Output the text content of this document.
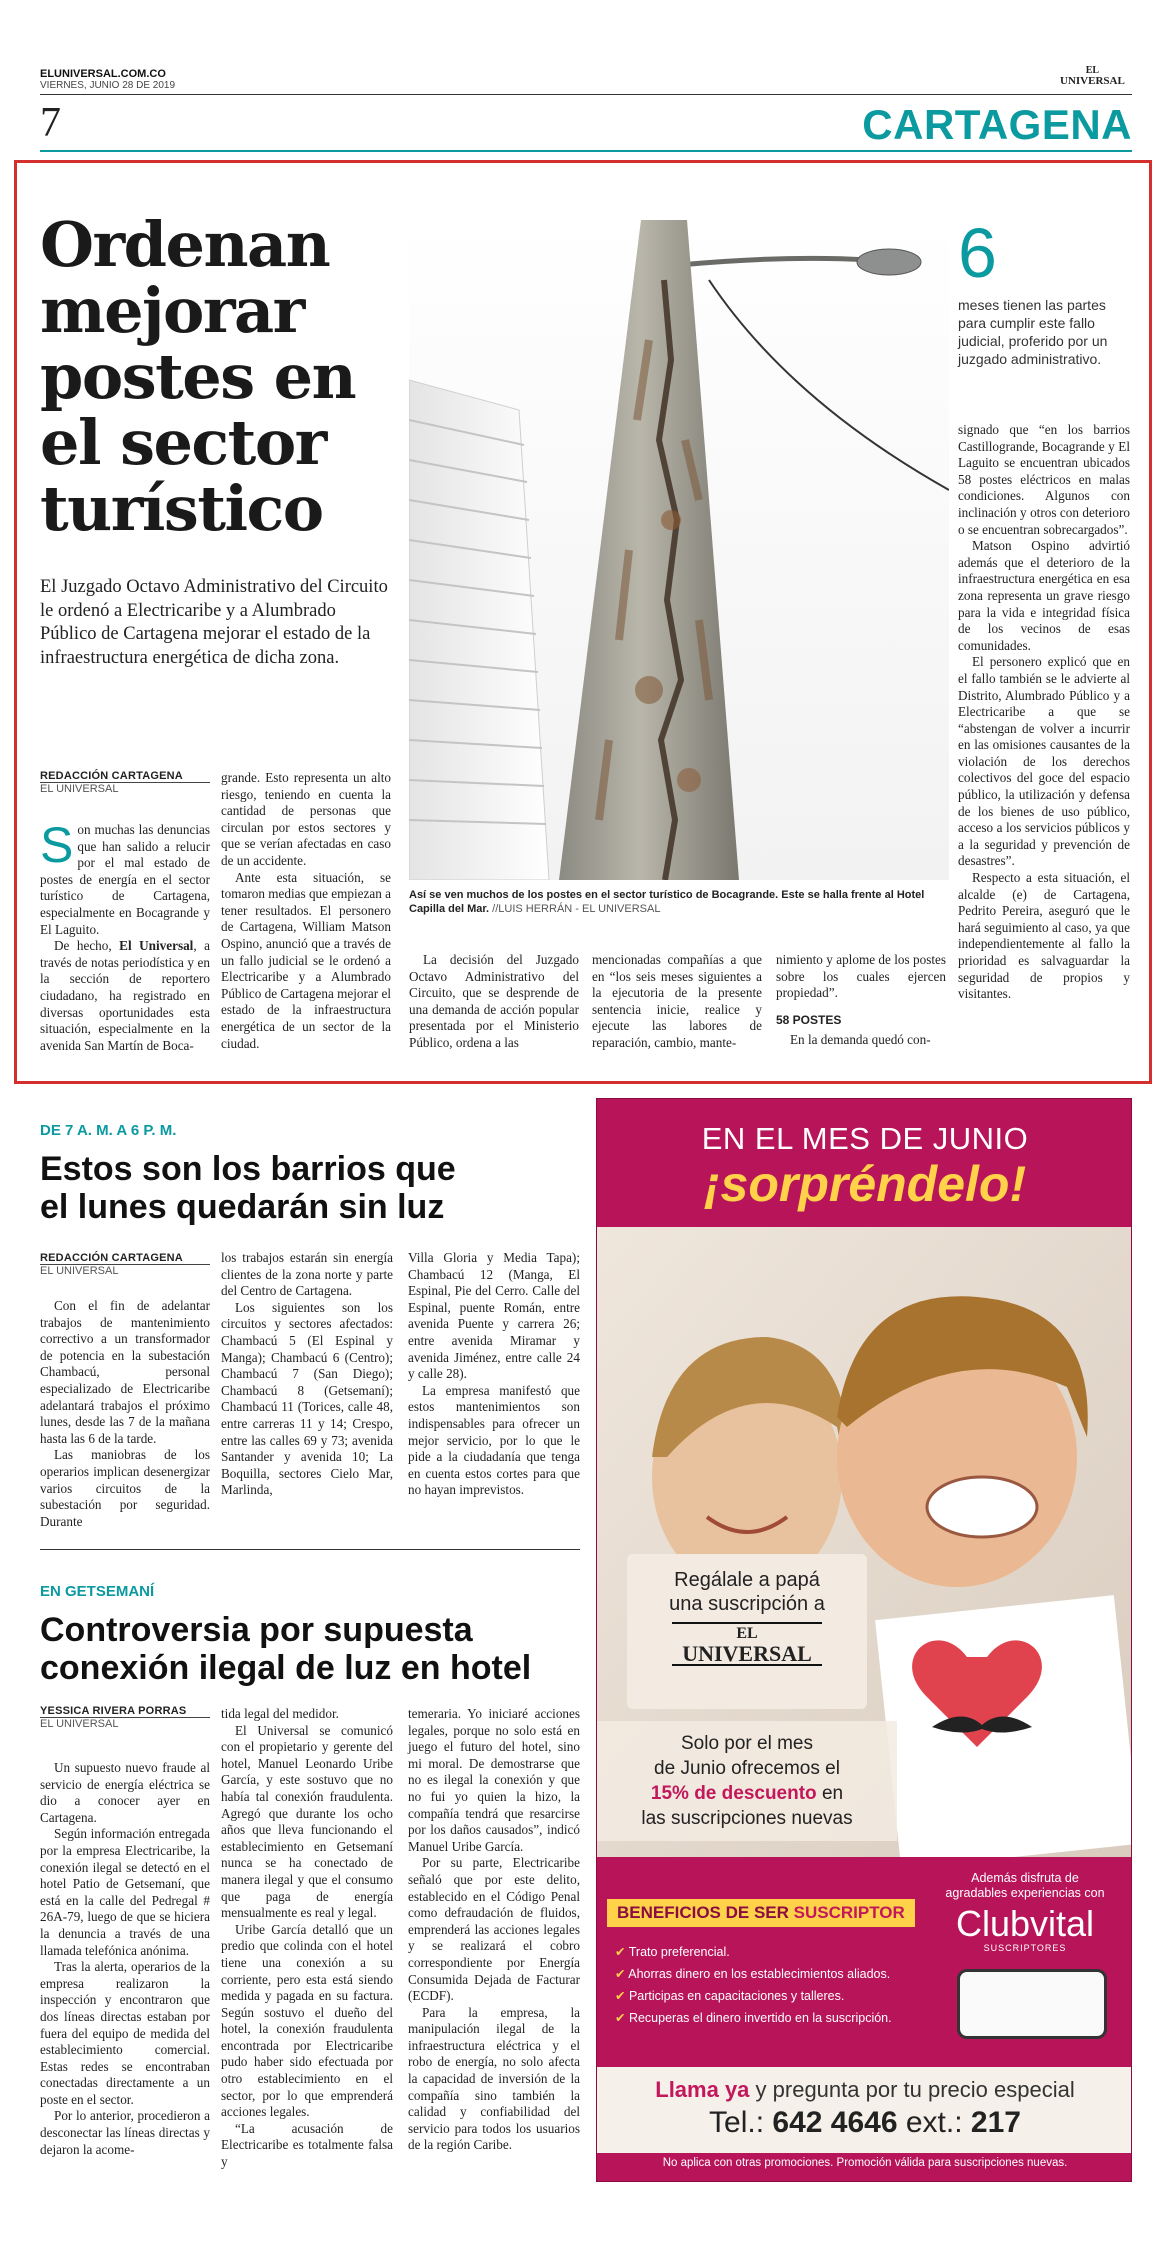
ELUNIVERSAL.COM.CO
VIERNES, JUNIO 28 DE 2019
EL
UNIVERSAL
7	CARTAGENA
Ordenan
mejorar
postes en
el sector
turístico
El Juzgado Octavo Administrativo del Circuito le ordenó a Electricaribe y a Alumbrado Público de Cartagena mejorar el estado de la infraestructura energética de dicha zona.
REDACCIÓN CARTAGENA
EL UNIVERSAL
Así se ven muchos de los postes en el sector turístico de Bocagrande. Este se halla frente al Hotel Capilla del Mar. //LUIS HERRÁN - EL UNIVERSAL
6
meses tienen las partes para cumplir este fallo judicial, proferido por un juzgado administrativo.

Son muchas las denuncias que han salido a relucir por el mal estado de postes de energía en el sector turístico de Cartagena, especialmente en Bocagrande y El Laguito.

De hecho, El Universal, a través de notas periodística y en la sección de reportero ciudadano, ha registrado en diversas oportunidades esta situación, especialmente en la avenida San Martín de Boca-

grande. Esto representa un alto riesgo, teniendo en cuenta la cantidad de personas que circulan por estos sectores y que se verían afectadas en caso de un accidente.

Ante esta situación, se tomaron medias que empiezan a tener resultados. El personero de Cartagena, William Matson Ospino, anunció que a través de un fallo judicial se le ordenó a Electricaribe y a Alumbrado Público de Cartagena mejorar el estado de la infraestructura energética de un sector de la ciudad.

La decisión del Juzgado Octavo Administrativo del Circuito, que se desprende de una demanda de acción popular presentada por el Ministerio Público, ordena a las

mencionadas compañías a que en “los seis meses siguientes a la ejecutoria de la presente sentencia inicie, realice y ejecute las labores de reparación, cambio, mante-

nimiento y aplome de los postes sobre los cuales ejercen propiedad”.

58 POSTES

En la demanda quedó con-

signado que “en los barrios Castillogrande, Bocagrande y El Laguito se encuentran ubicados 58 postes eléctricos en malas condiciones. Algunos con inclinación y otros con deterioro o se encuentran sobrecargados”.

Matson Ospino advirtió además que el deterioro de la infraestructura energética en esa zona representa un grave riesgo para la vida e integridad física de los vecinos de esas comunidades.

El personero explicó que en el fallo también se le advierte al Distrito, Alumbrado Público y a Electricaribe a que se “abstengan de volver a incurrir en las omisiones causantes de la violación de los derechos colectivos del goce del espacio público, la utilización y defensa de los bienes de uso público, acceso a los servicios públicos y a la seguridad y prevención de desastres”.

Respecto a esta situación, el alcalde (e) de Cartagena, Pedrito Pereira, aseguró que le hará seguimiento al caso, ya que independientemente al fallo la prioridad es salvaguardar la seguridad de propios y visitantes.

DE 7 A. M. A 6 P. M.
Estos son los barrios que
el lunes quedarán sin luz
REDACCIÓN CARTAGENA
EL UNIVERSAL

Con el fin de adelantar trabajos de mantenimiento correctivo a un transformador de potencia en la subestación Chambacú, personal especializado de Electricaribe adelantará trabajos el próximo lunes, desde las 7 de la mañana hasta las 6 de la tarde.

Las maniobras de los operarios implican desenergizar varios circuitos de la subestación por seguridad. Durante

los trabajos estarán sin energía clientes de la zona norte y parte del Centro de Cartagena.

Los siguientes son los circuitos y sectores afectados: Chambacú 5 (El Espinal y Manga); Chambacú 6 (Centro); Chambacú 7 (San Diego); Chambacú 8 (Getsemaní); Chambacú 11 (Torices, calle 48, entre carreras 11 y 14; Crespo, entre las calles 69 y 73; avenida Santander y avenida 10; La Boquilla, sectores Cielo Mar, Marlinda,

Villa Gloria y Media Tapa); Chambacú 12 (Manga, El Espinal, Pie del Cerro. Calle del Espinal, puente Román, entre avenida Puente y carrera 26; entre avenida Miramar y avenida Jiménez, entre calle 24 y calle 28).

La empresa manifestó que estos mantenimientos son indispensables para ofrecer un mejor servicio, por lo que le pide a la ciudadanía que tenga en cuenta estos cortes para que no hayan imprevistos.

EN GETSEMANÍ
Controversia por supuesta
conexión ilegal de luz en hotel
YESSICA RIVERA PORRAS
EL UNIVERSAL

Un supuesto nuevo fraude al servicio de energía eléctrica se dio a conocer ayer en Cartagena.

Según información entregada por la empresa Electricaribe, la conexión ilegal se detectó en el hotel Patio de Getsemaní, que está en la calle del Pedregal # 26A-79, luego de que se hiciera la denuncia a través de una llamada telefónica anónima.

Tras la alerta, operarios de la empresa realizaron la inspección y encontraron que dos líneas directas estaban por fuera del equipo de medida del establecimiento comercial. Estas redes se encontraban conectadas directamente a un poste en el sector.

Por lo anterior, procedieron a desconectar las líneas directas y dejaron la acome-

tida legal del medidor.

El Universal se comunicó con el propietario y gerente del hotel, Manuel Leonardo Uribe García, y este sostuvo que no había tal conexión fraudulenta. Agregó que durante los ocho años que lleva funcionando el establecimiento en Getsemaní nunca se ha conectado de manera ilegal y que el consumo que paga de energía mensualmente es real y legal.

Uribe García detalló que un predio que colinda con el hotel tiene una conexión a su corriente, pero esta está siendo medida y pagada en su factura. Según sostuvo el dueño del hotel, la conexión fraudulenta encontrada por Electricaribe pudo haber sido efectuada por otro establecimiento en el sector, por lo que emprenderá acciones legales.

“La acusación de Electricaribe es totalmente falsa y

temeraria. Yo iniciaré acciones legales, porque no solo está en juego el futuro del hotel, sino mi moral. De demostrarse que no es ilegal la conexión y que no fui yo quien la hizo, la compañía tendrá que resarcirse por los daños causados”, indicó Manuel Uribe García.

Por su parte, Electricaribe señaló que por este delito, establecido en el Código Penal como defraudación de fluidos, emprenderá las acciones legales y se realizará el cobro correspondiente por Energía Consumida Dejada de Facturar (ECDF).

Para la empresa, la manipulación ilegal de la infraestructura eléctrica y el robo de energía, no solo afecta la capacidad de inversión de la compañía sino también la calidad y confiabilidad del servicio para todos los usuarios de la región Caribe.

EN EL MES DE JUNIO
¡sorpréndelo!
Regálale a papá
una suscripción a
EL
UNIVERSAL
Solo por el mes
de Junio ofrecemos el
15% de descuento en
las suscripciones nuevas
BENEFICIOS DE SER SUSCRIPTOR
✔ Trato preferencial.
✔ Ahorras dinero en los establecimientos aliados.
✔ Participas en capacitaciones y talleres.
✔ Recuperas el dinero invertido en la suscripción.
Además disfruta de
agradables experiencias con
Clubvital
SUSCRIPTORES
Llama ya y pregunta por tu precio especial
Tel.: 642 4646 ext.: 217
No aplica con otras promociones. Promoción válida para suscripciones nuevas.
